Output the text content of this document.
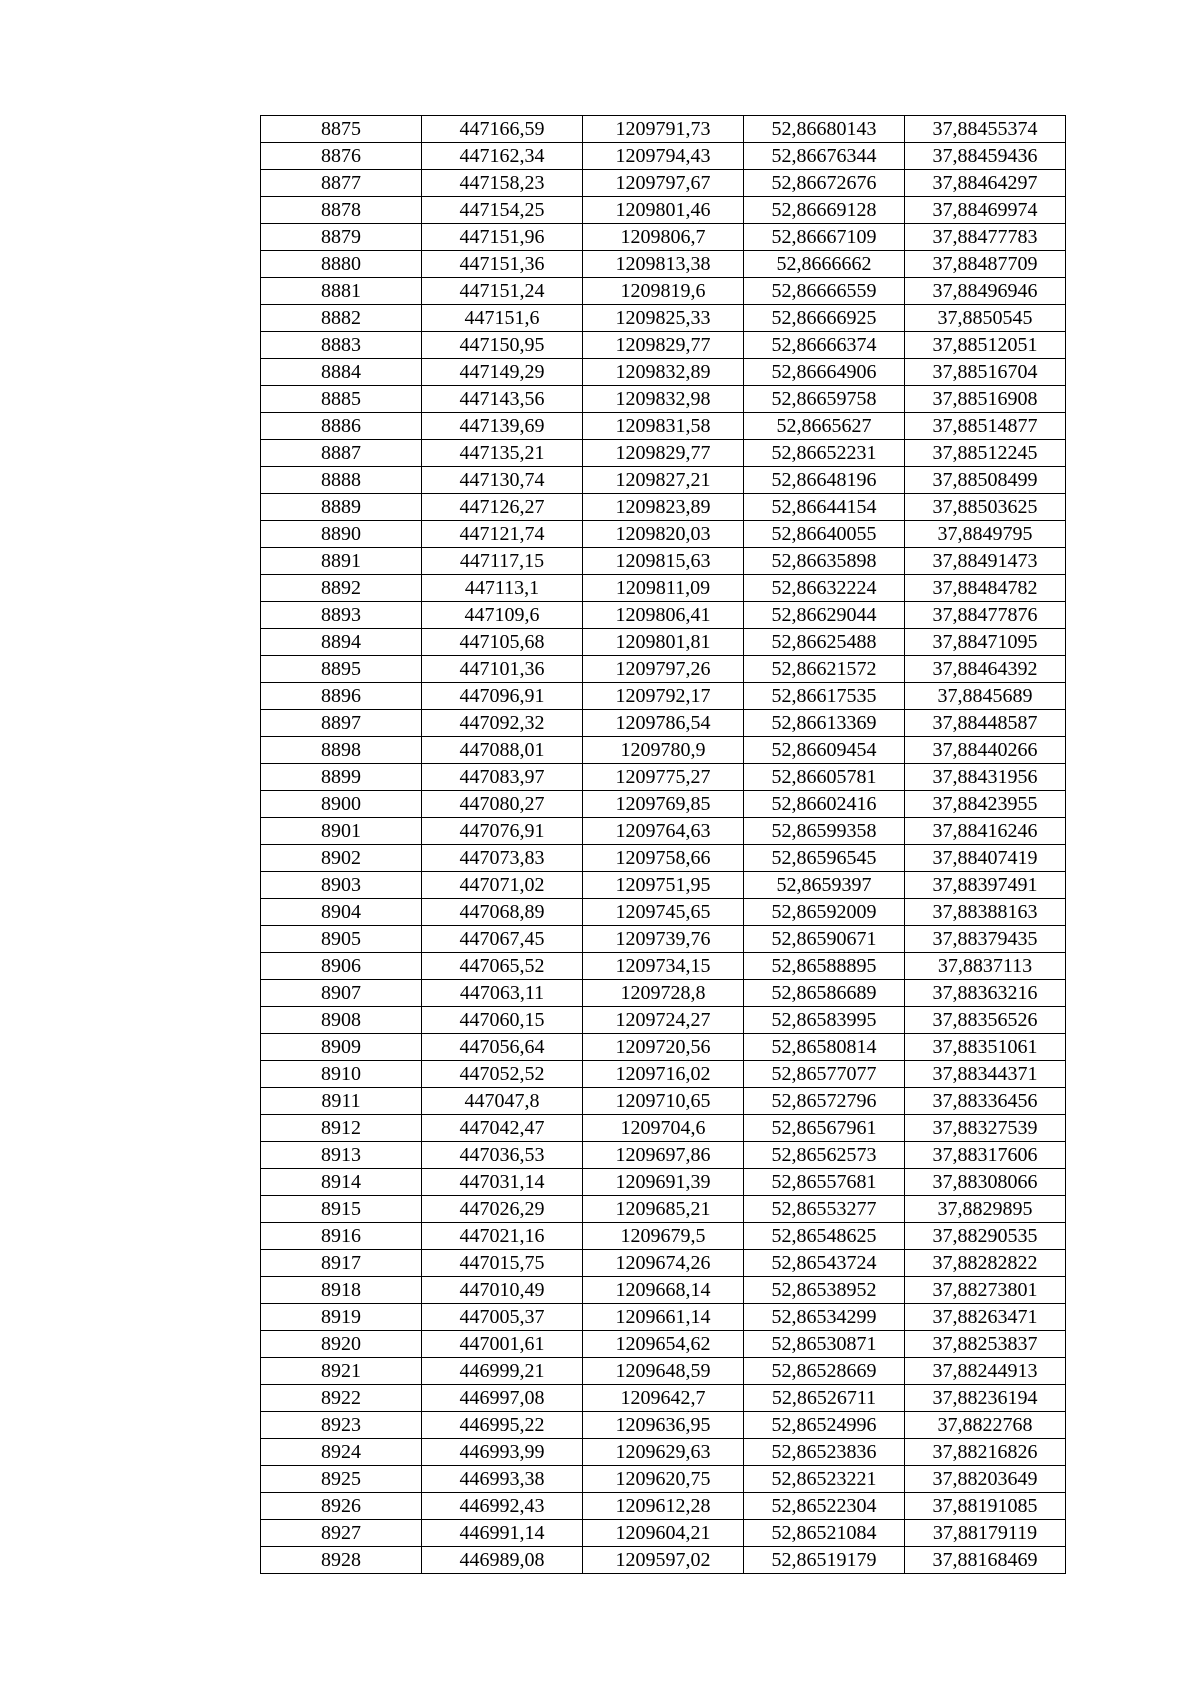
8875	447166,59	1209791,73	52,86680143	37,88455374
8876	447162,34	1209794,43	52,86676344	37,88459436
8877	447158,23	1209797,67	52,86672676	37,88464297
8878	447154,25	1209801,46	52,86669128	37,88469974
8879	447151,96	1209806,7	52,86667109	37,88477783
8880	447151,36	1209813,38	52,8666662	37,88487709
8881	447151,24	1209819,6	52,86666559	37,88496946
8882	447151,6	1209825,33	52,86666925	37,8850545
8883	447150,95	1209829,77	52,86666374	37,88512051
8884	447149,29	1209832,89	52,86664906	37,88516704
8885	447143,56	1209832,98	52,86659758	37,88516908
8886	447139,69	1209831,58	52,8665627	37,88514877
8887	447135,21	1209829,77	52,86652231	37,88512245
8888	447130,74	1209827,21	52,86648196	37,88508499
8889	447126,27	1209823,89	52,86644154	37,88503625
8890	447121,74	1209820,03	52,86640055	37,8849795
8891	447117,15	1209815,63	52,86635898	37,88491473
8892	447113,1	1209811,09	52,86632224	37,88484782
8893	447109,6	1209806,41	52,86629044	37,88477876
8894	447105,68	1209801,81	52,86625488	37,88471095
8895	447101,36	1209797,26	52,86621572	37,88464392
8896	447096,91	1209792,17	52,86617535	37,8845689
8897	447092,32	1209786,54	52,86613369	37,88448587
8898	447088,01	1209780,9	52,86609454	37,88440266
8899	447083,97	1209775,27	52,86605781	37,88431956
8900	447080,27	1209769,85	52,86602416	37,88423955
8901	447076,91	1209764,63	52,86599358	37,88416246
8902	447073,83	1209758,66	52,86596545	37,88407419
8903	447071,02	1209751,95	52,8659397	37,88397491
8904	447068,89	1209745,65	52,86592009	37,88388163
8905	447067,45	1209739,76	52,86590671	37,88379435
8906	447065,52	1209734,15	52,86588895	37,8837113
8907	447063,11	1209728,8	52,86586689	37,88363216
8908	447060,15	1209724,27	52,86583995	37,88356526
8909	447056,64	1209720,56	52,86580814	37,88351061
8910	447052,52	1209716,02	52,86577077	37,88344371
8911	447047,8	1209710,65	52,86572796	37,88336456
8912	447042,47	1209704,6	52,86567961	37,88327539
8913	447036,53	1209697,86	52,86562573	37,88317606
8914	447031,14	1209691,39	52,86557681	37,88308066
8915	447026,29	1209685,21	52,86553277	37,8829895
8916	447021,16	1209679,5	52,86548625	37,88290535
8917	447015,75	1209674,26	52,86543724	37,88282822
8918	447010,49	1209668,14	52,86538952	37,88273801
8919	447005,37	1209661,14	52,86534299	37,88263471
8920	447001,61	1209654,62	52,86530871	37,88253837
8921	446999,21	1209648,59	52,86528669	37,88244913
8922	446997,08	1209642,7	52,86526711	37,88236194
8923	446995,22	1209636,95	52,86524996	37,8822768
8924	446993,99	1209629,63	52,86523836	37,88216826
8925	446993,38	1209620,75	52,86523221	37,88203649
8926	446992,43	1209612,28	52,86522304	37,88191085
8927	446991,14	1209604,21	52,86521084	37,88179119
8928	446989,08	1209597,02	52,86519179	37,88168469
